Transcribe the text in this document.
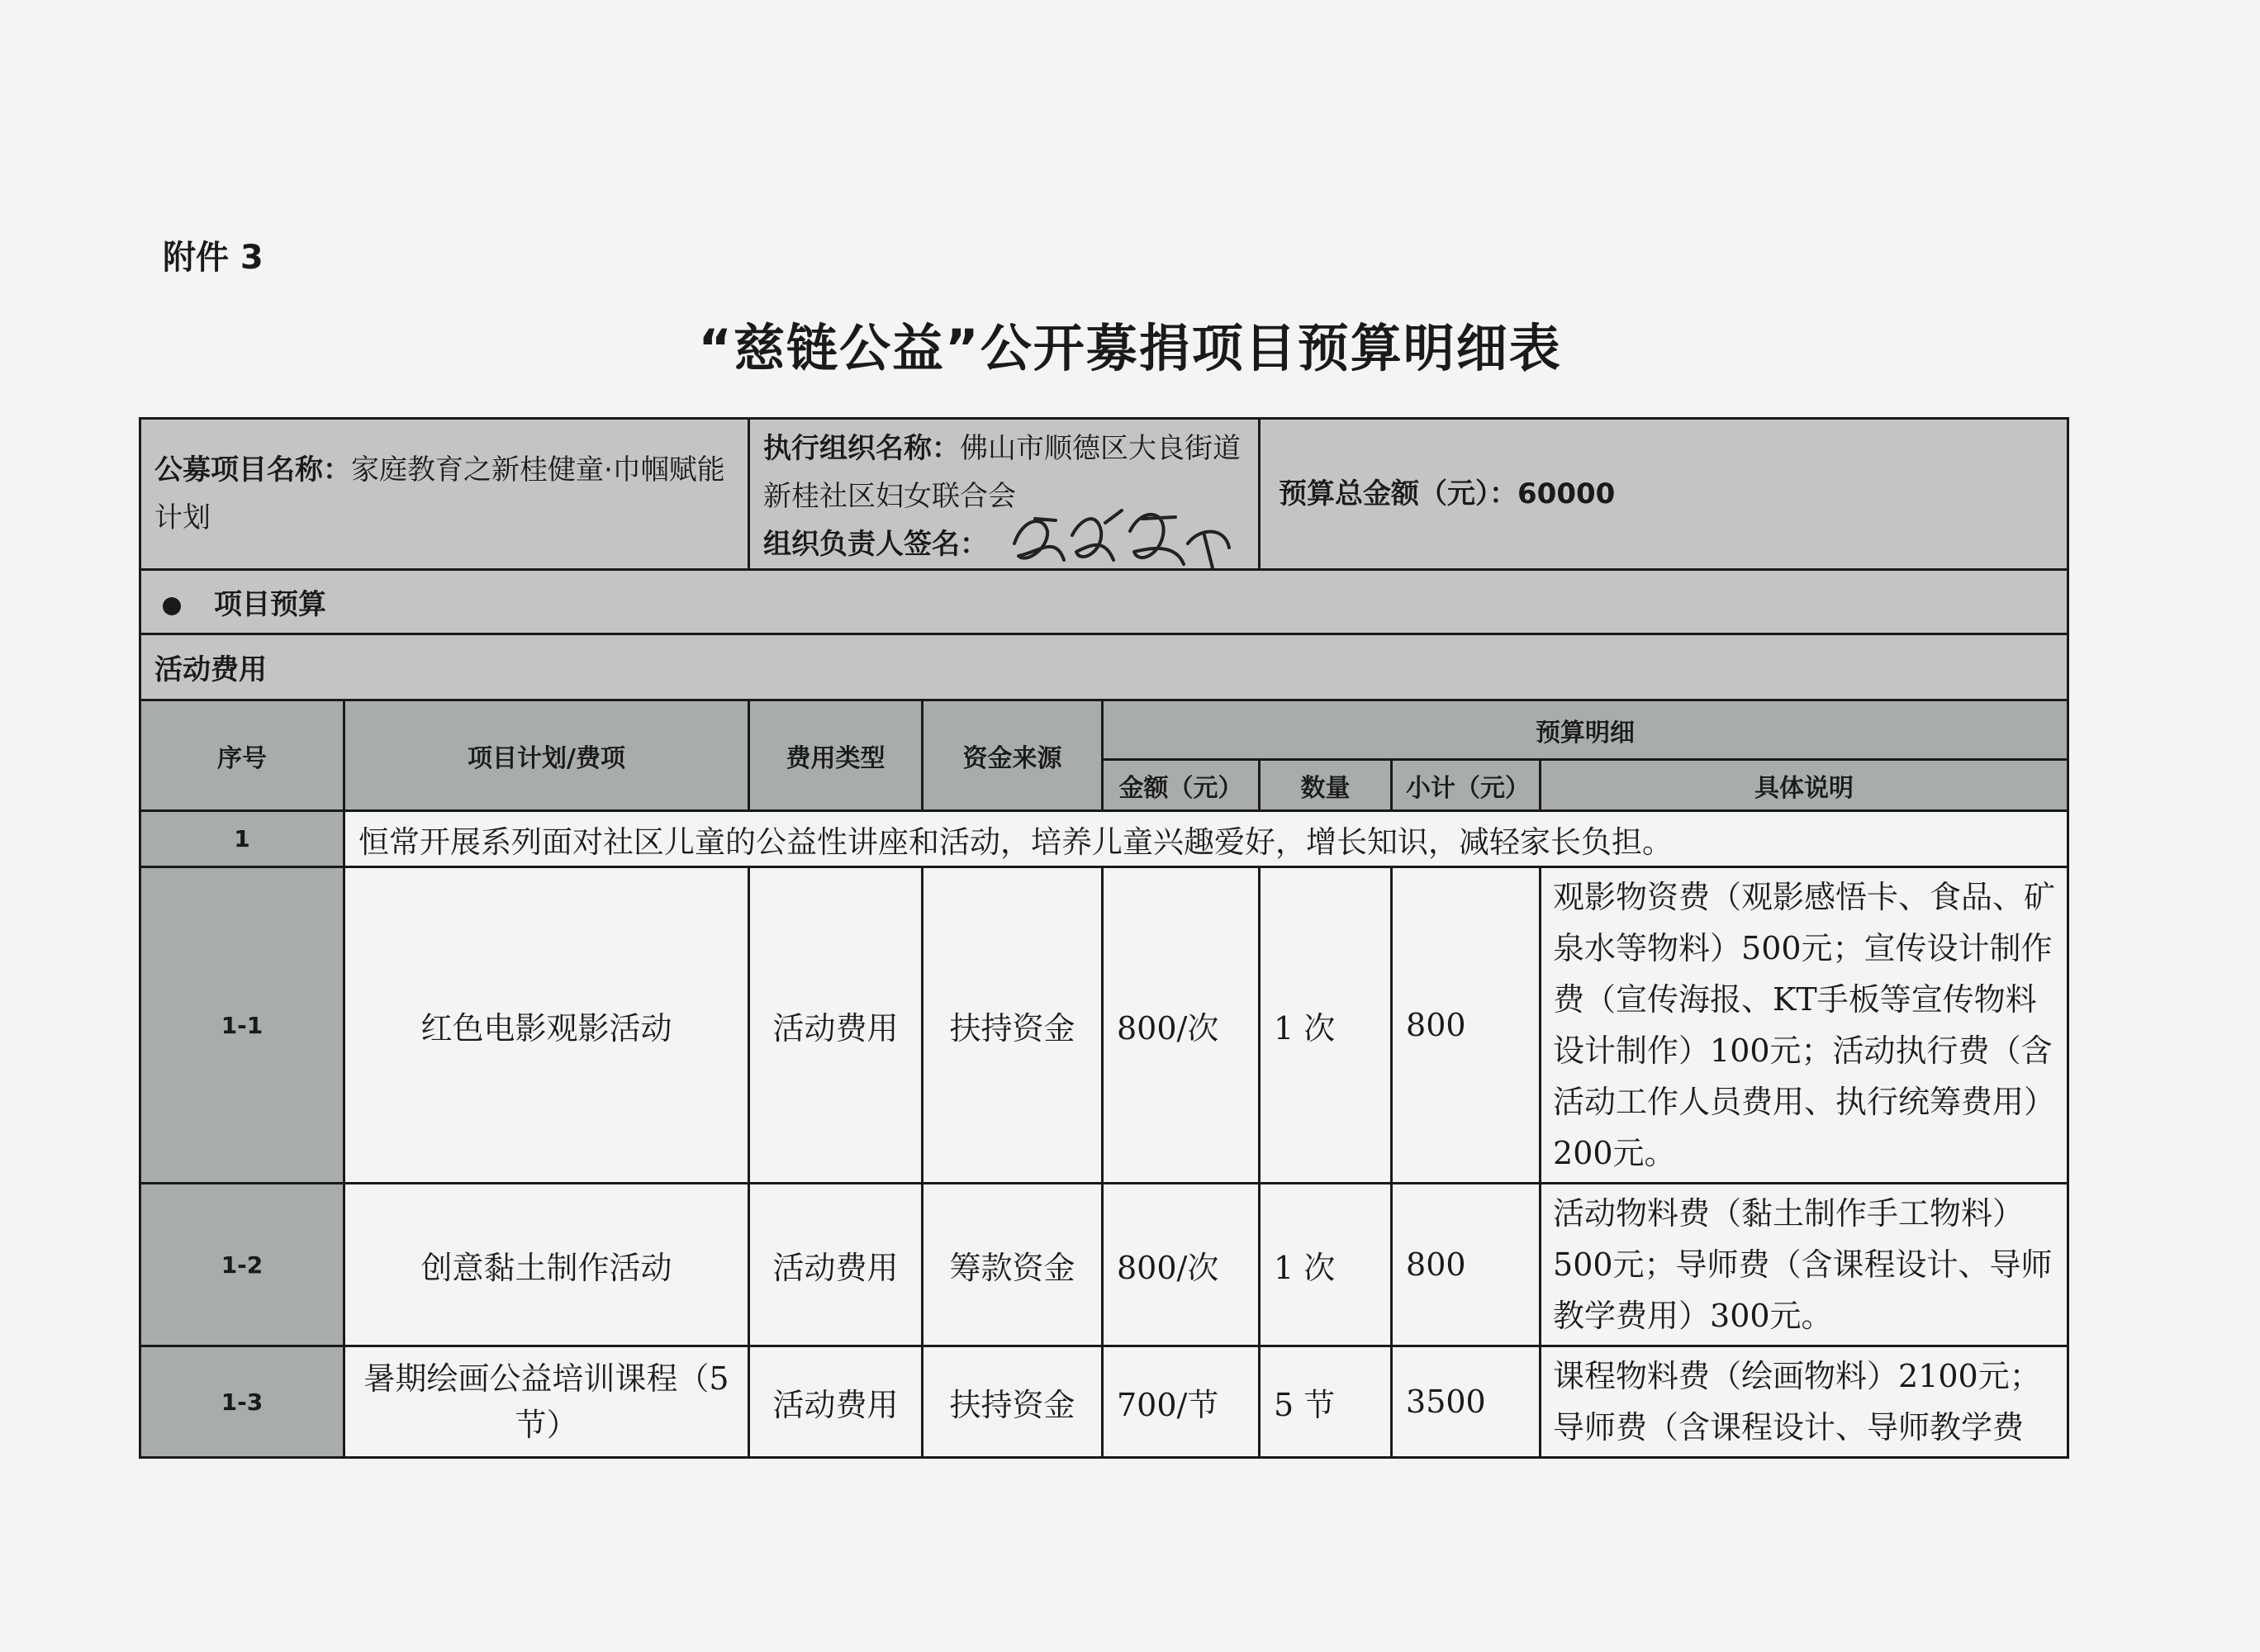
附件 3
“慈链公益”公开募捐项目预算明细表
公募项目名称：家庭教育之新桂健童·巾帼赋能计划		执行组织名称：佛山市顺德区大良街道新桂社区妇女联合会
组织负责人签名：			预算总金额（元）：60000		
项目预算							
活动费用							
序号	项目计划/费项	费用类型	资金来源	预算明细			
				金额（元）	数量	小计（元）	具体说明
1	恒常开展系列面对社区儿童的公益性讲座和活动，培养儿童兴趣爱好，增长知识，减轻家长负担。						
1-1	红色电影观影活动	活动费用	扶持资金	800/次	1 次	800	观影物资费（观影感悟卡、食品、矿泉水等物料）500元；宣传设计制作费（宣传海报、KT手板等宣传物料设计制作）100元；活动执行费（含活动工作人员费用、执行统筹费用）200元。
1-2	创意黏土制作活动	活动费用	筹款资金	800/次	1 次	800	活动物料费（黏土制作手工物料）500元；导师费（含课程设计、导师教学费用）300元。
1-3	暑期绘画公益培训课程（5节）	活动费用	扶持资金	700/节	5 节	3500	课程物料费（绘画物料）2100元；导师费（含课程设计、导师教学费
